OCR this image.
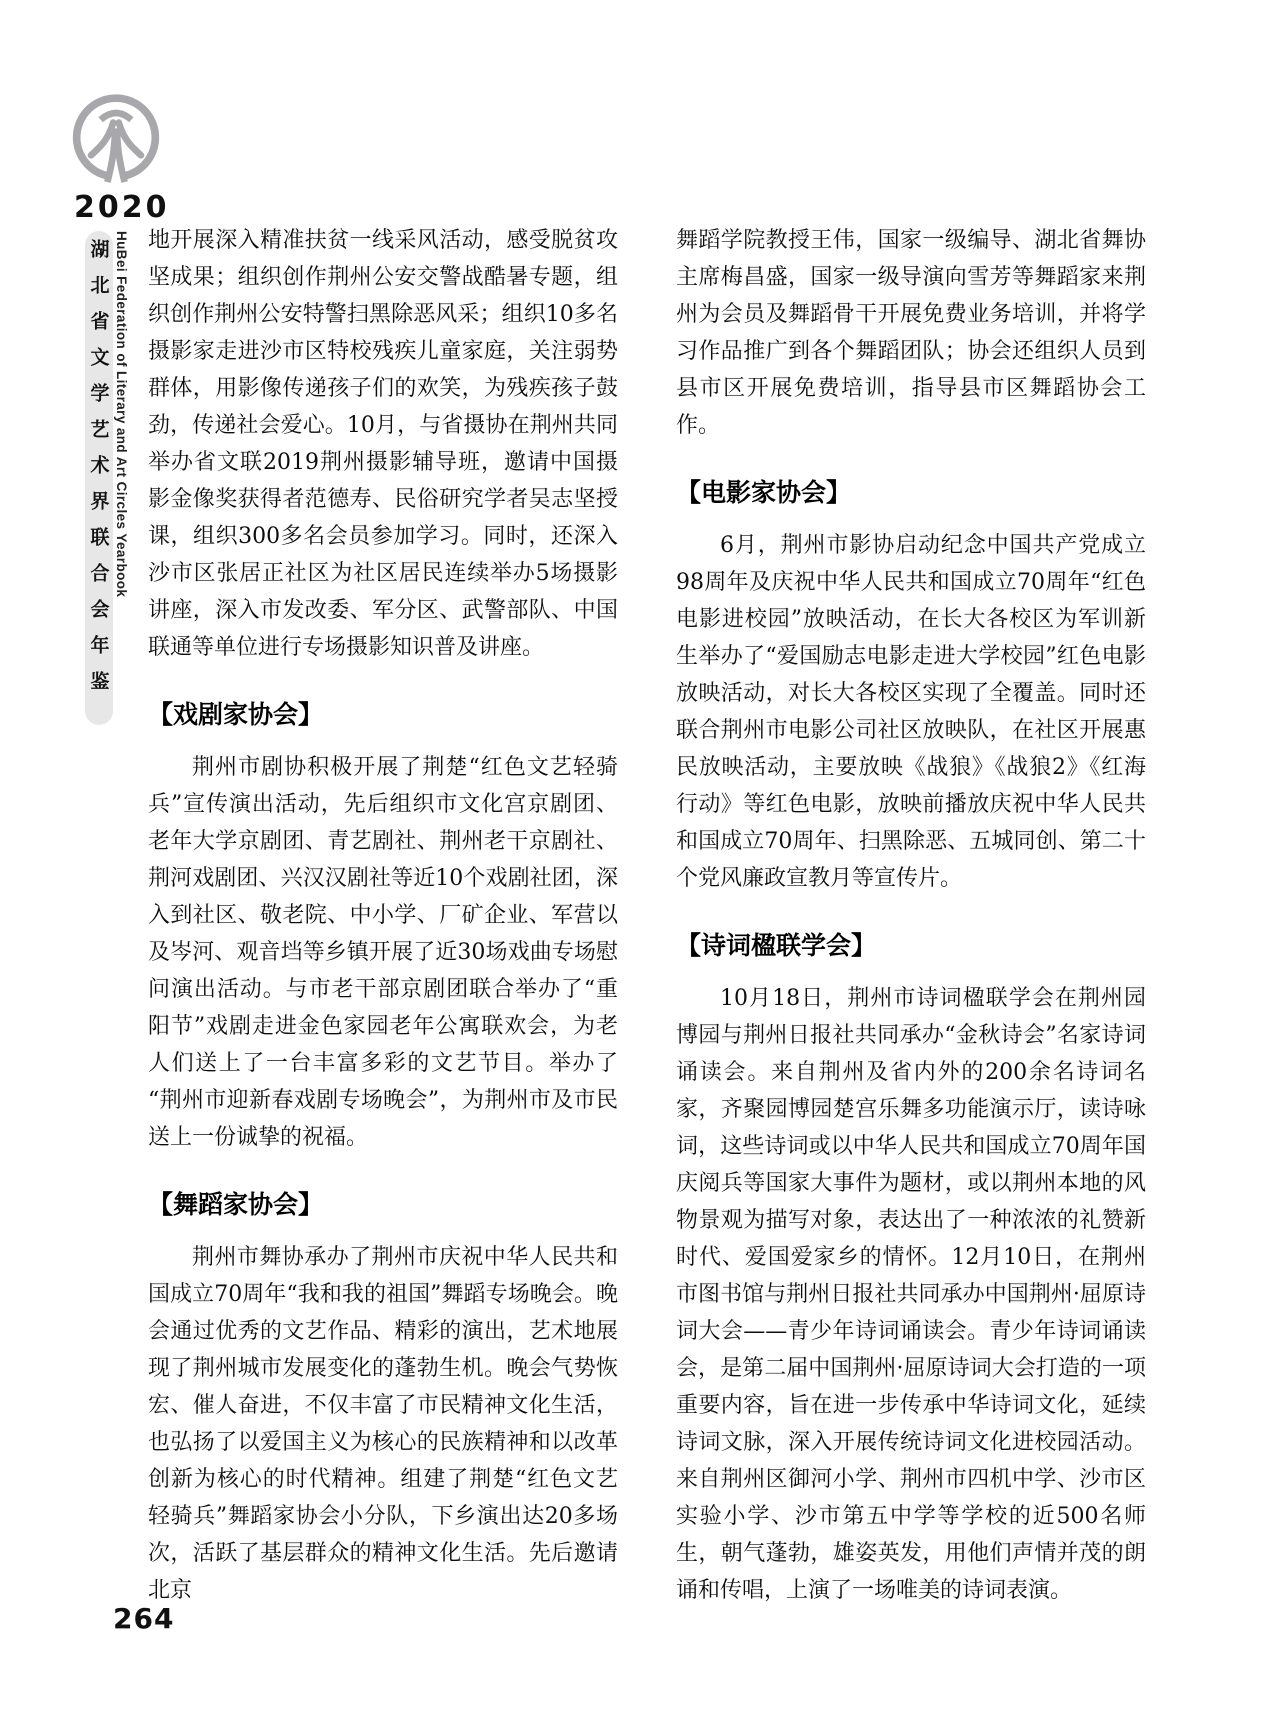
2020
湖北省文学艺术界联合会年鉴 HuBei Federation of Literary and Art Circles Yearbook 地开展深入精准扶贫一线采风活动，感受脱贫攻坚成果；组织创作荆州公安交警战酷暑专题，组织创作荆州公安特警扫黑除恶风采；组织10多名摄影家走进沙市区特校残疾儿童家庭，关注弱势群体，用影像传递孩子们的欢笑，为残疾孩子鼓劲，传递社会爱心。10月，与省摄协在荆州共同举办省文联2019荆州摄影辅导班，邀请中国摄影金像奖获得者范德寿、民俗研究学者吴志坚授课，组织300多名会员参加学习。同时，还深入沙市区张居正社区为社区居民连续举办5场摄影讲座，深入市发改委、军分区、武警部队、中国联通等单位进行专场摄影知识普及讲座。

【戏剧家协会】

荆州市剧协积极开展了荆楚“红色文艺轻骑兵”宣传演出活动，先后组织市文化宫京剧团、老年大学京剧团、青艺剧社、荆州老干京剧社、荆河戏剧团、兴汉汉剧社等近10个戏剧社团，深入到社区、敬老院、中小学、厂矿企业、军营以及岑河、观音垱等乡镇开展了近30场戏曲专场慰问演出活动。与市老干部京剧团联合举办了“重阳节”戏剧走进金色家园老年公寓联欢会，为老人们送上了一台丰富多彩的文艺节目。举办了“荆州市迎新春戏剧专场晚会”，为荆州市及市民送上一份诚挚的祝福。

【舞蹈家协会】

荆州市舞协承办了荆州市庆祝中华人民共和国成立70周年“我和我的祖国”舞蹈专场晚会。晚会通过优秀的文艺作品、精彩的演出，艺术地展现了荆州城市发展变化的蓬勃生机。晚会气势恢宏、催人奋进，不仅丰富了市民精神文化生活，也弘扬了以爱国主义为核心的民族精神和以改革创新为核心的时代精神。组建了荆楚“红色文艺轻骑兵”舞蹈家协会小分队，下乡演出达20多场次，活跃了基层群众的精神文化生活。先后邀请北京

舞蹈学院教授王伟，国家一级编导、湖北省舞协主席梅昌盛，国家一级导演向雪芳等舞蹈家来荆州为会员及舞蹈骨干开展免费业务培训，并将学习作品推广到各个舞蹈团队；协会还组织人员到县市区开展免费培训，指导县市区舞蹈协会工作。

【电影家协会】

6月，荆州市影协启动纪念中国共产党成立98周年及庆祝中华人民共和国成立70周年“红色电影进校园”放映活动，在长大各校区为军训新生举办了“爱国励志电影走进大学校园”红色电影放映活动，对长大各校区实现了全覆盖。同时还联合荆州市电影公司社区放映队，在社区开展惠民放映活动，主要放映《战狼》《战狼2》《红海行动》等红色电影，放映前播放庆祝中华人民共和国成立70周年、扫黑除恶、五城同创、第二十个党风廉政宣教月等宣传片。

【诗词楹联学会】

10月18日，荆州市诗词楹联学会在荆州园博园与荆州日报社共同承办“金秋诗会”名家诗词诵读会。来自荆州及省内外的200余名诗词名家，齐聚园博园楚宫乐舞多功能演示厅，读诗咏词，这些诗词或以中华人民共和国成立70周年国庆阅兵等国家大事件为题材，或以荆州本地的风物景观为描写对象，表达出了一种浓浓的礼赞新时代、爱国爱家乡的情怀。12月10日，在荆州市图书馆与荆州日报社共同承办中国荆州·屈原诗词大会——青少年诗词诵读会。青少年诗词诵读会，是第二届中国荆州·屈原诗词大会打造的一项重要内容，旨在进一步传承中华诗词文化，延续诗词文脉，深入开展传统诗词文化进校园活动。来自荆州区御河小学、荆州市四机中学、沙市区实验小学、沙市第五中学等学校的近500名师生，朝气蓬勃，雄姿英发，用他们声情并茂的朗诵和传唱，上演了一场唯美的诗词表演。

264
